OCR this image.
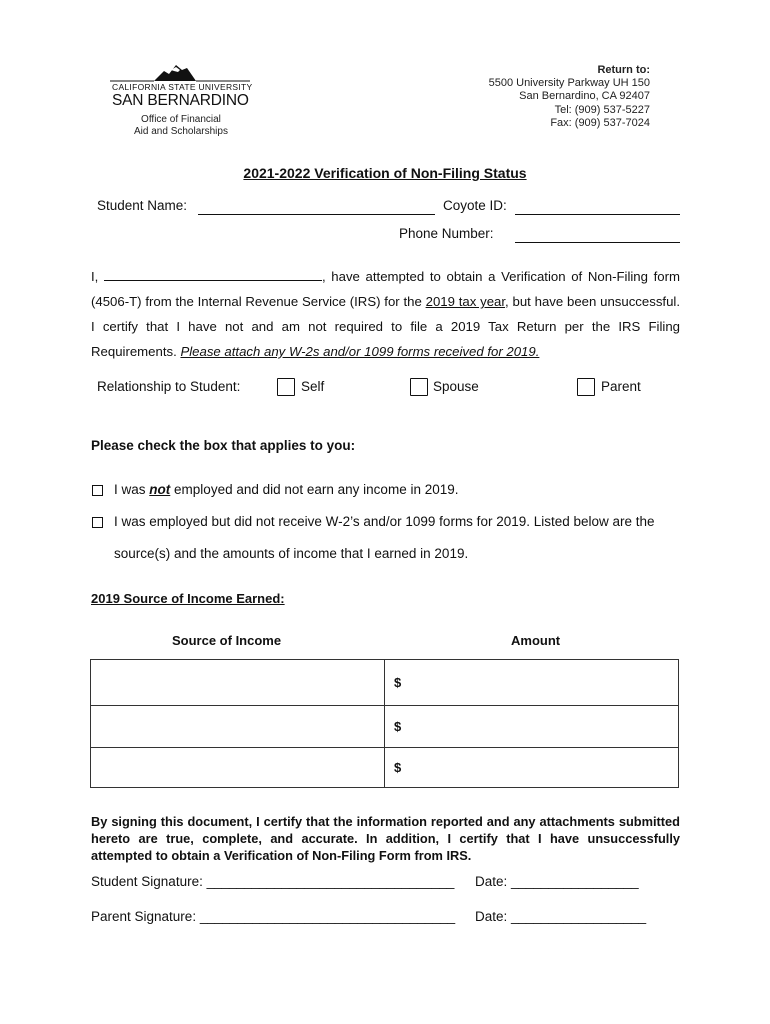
CALIFORNIA STATE UNIVERSITY
SAN BERNARDINO
Office of Financial
Aid and Scholarships
Return to:
5500 University Parkway UH 150
San Bernardino, CA 92407
Tel: (909) 537-5227
Fax: (909) 537-7024
2021-2022 Verification of Non-Filing Status
Student Name:	Coyote ID:
Phone Number:
I,	, have attempted to obtain a Verification of Non-Filing form (4506-T) from the Internal Revenue Service (IRS) for the 2019 tax year, but have been unsuccessful. I certify that I have not and am not required to file a 2019 Tax Return per the IRS Filing Requirements. Please attach any W-2s and/or 1099 forms received for 2019.
Relationship to Student:	Self	Spouse	Parent
Please check the box that applies to you:
I was not employed and did not earn any income in 2019.
I was employed but did not receive W-2’s and/or 1099 forms for 2019. Listed below are the
source(s) and the amounts of income that I earned in 2019.
2019 Source of Income Earned:
Source of Income	Amount
	$
	$
	$
By signing this document, I certify that the information reported and any attachments submitted hereto are true, complete, and accurate. In addition, I certify that I have unsuccessfully attempted to obtain a Verification of Non-Filing Form from IRS.
Student Signature: _________________________________ Date: _________________
Parent Signature: __________________________________ Date: __________________
